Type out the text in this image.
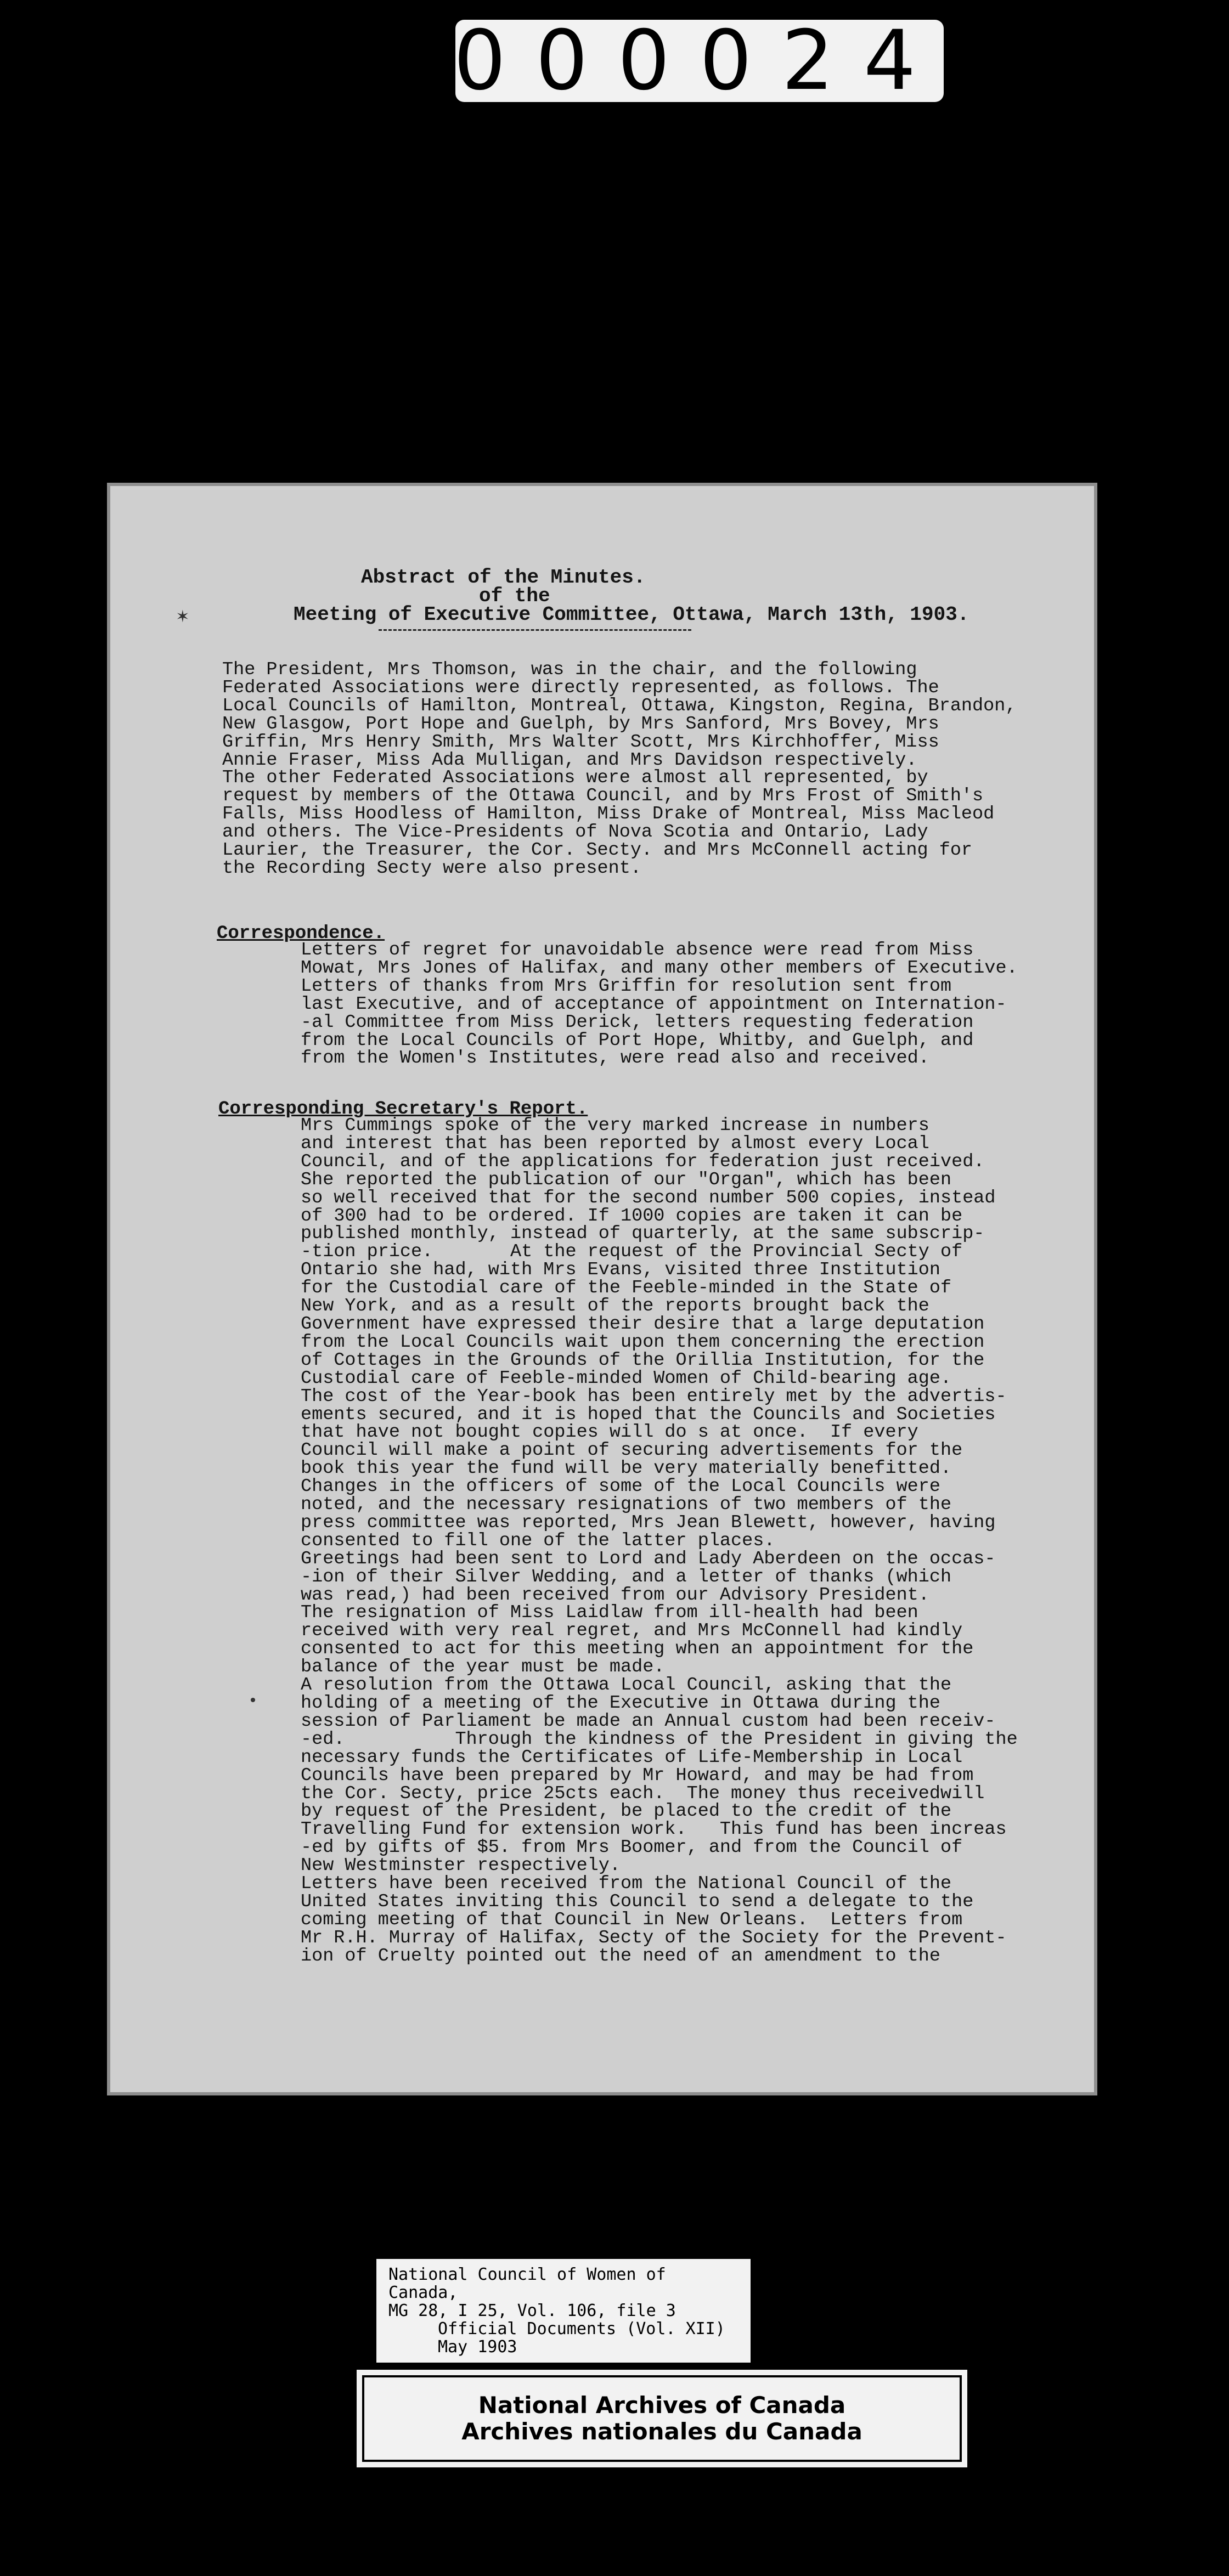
000024
Abstract of the Minutes.
of the
Meeting of Executive Committee, Ottawa, March 13th, 1903.
✶
The President, Mrs Thomson, was in the chair, and the following
Federated Associations were directly represented, as follows. The
Local Councils of Hamilton, Montreal, Ottawa, Kingston, Regina, Brandon,
New Glasgow, Port Hope and Guelph, by Mrs Sanford, Mrs Bovey, Mrs
Griffin, Mrs Henry Smith, Mrs Walter Scott, Mrs Kirchhoffer, Miss
Annie Fraser, Miss Ada Mulligan, and Mrs Davidson respectively.
The other Federated Associations were almost all represented, by
request by members of the Ottawa Council, and by Mrs Frost of Smith's
Falls, Miss Hoodless of Hamilton, Miss Drake of Montreal, Miss Macleod
and others. The Vice-Presidents of Nova Scotia and Ontario, Lady
Laurier, the Treasurer, the Cor. Secty. and Mrs McConnell acting for
the Recording Secty were also present.
Correspondence.
Letters of regret for unavoidable absence were read from Miss
Mowat, Mrs Jones of Halifax, and many other members of Executive.
Letters of thanks from Mrs Griffin for resolution sent from
last Executive, and of acceptance of appointment on Internation-
-al Committee from Miss Derick, letters requesting federation
from the Local Councils of Port Hope, Whitby, and Guelph, and
from the Women's Institutes, were read also and received.
Corresponding Secretary's Report.
Mrs Cummings spoke of the very marked increase in numbers
and interest that has been reported by almost every Local
Council, and of the applications for federation just received.
She reported the publication of our "Organ", which has been
so well received that for the second number 500 copies, instead
of 300 had to be ordered. If 1000 copies are taken it can be
published monthly, instead of quarterly, at the same subscrip-
-tion price.       At the request of the Provincial Secty of
Ontario she had, with Mrs Evans, visited three Institution
for the Custodial care of the Feeble-minded in the State of
New York, and as a result of the reports brought back the
Government have expressed their desire that a large deputation
from the Local Councils wait upon them concerning the erection
of Cottages in the Grounds of the Orillia Institution, for the
Custodial care of Feeble-minded Women of Child-bearing age.
The cost of the Year-book has been entirely met by the advertis-
ements secured, and it is hoped that the Councils and Societies
that have not bought copies will do s at once.  If every
Council will make a point of securing advertisements for the
book this year the fund will be very materially benefitted.
Changes in the officers of some of the Local Councils were
noted, and the necessary resignations of two members of the
press committee was reported, Mrs Jean Blewett, however, having
consented to fill one of the latter places.
Greetings had been sent to Lord and Lady Aberdeen on the occas-
-ion of their Silver Wedding, and a letter of thanks (which
was read,) had been received from our Advisory President.
The resignation of Miss Laidlaw from ill-health had been
received with very real regret, and Mrs McConnell had kindly
consented to act for this meeting when an appointment for the
balance of the year must be made.
A resolution from the Ottawa Local Council, asking that the
holding of a meeting of the Executive in Ottawa during the
session of Parliament be made an Annual custom had been receiv-
-ed.          Through the kindness of the President in giving the
necessary funds the Certificates of Life-Membership in Local
Councils have been prepared by Mr Howard, and may be had from
the Cor. Secty, price 25cts each.  The money thus receivedwill
by request of the President, be placed to the credit of the
Travelling Fund for extension work.   This fund has been increas
-ed by gifts of $5. from Mrs Boomer, and from the Council of
New Westminster respectively.
Letters have been received from the National Council of the
United States inviting this Council to send a delegate to the
coming meeting of that Council in New Orleans.  Letters from
Mr R.H. Murray of Halifax, Secty of the Society for the Prevent-
ion of Cruelty pointed out the need of an amendment to the
•
National Council of Women of Canada,
MG 28, I 25, Vol. 106, file 3
Official Documents (Vol. XII) May 1903
National Archives of Canada
Archives nationales du Canada
